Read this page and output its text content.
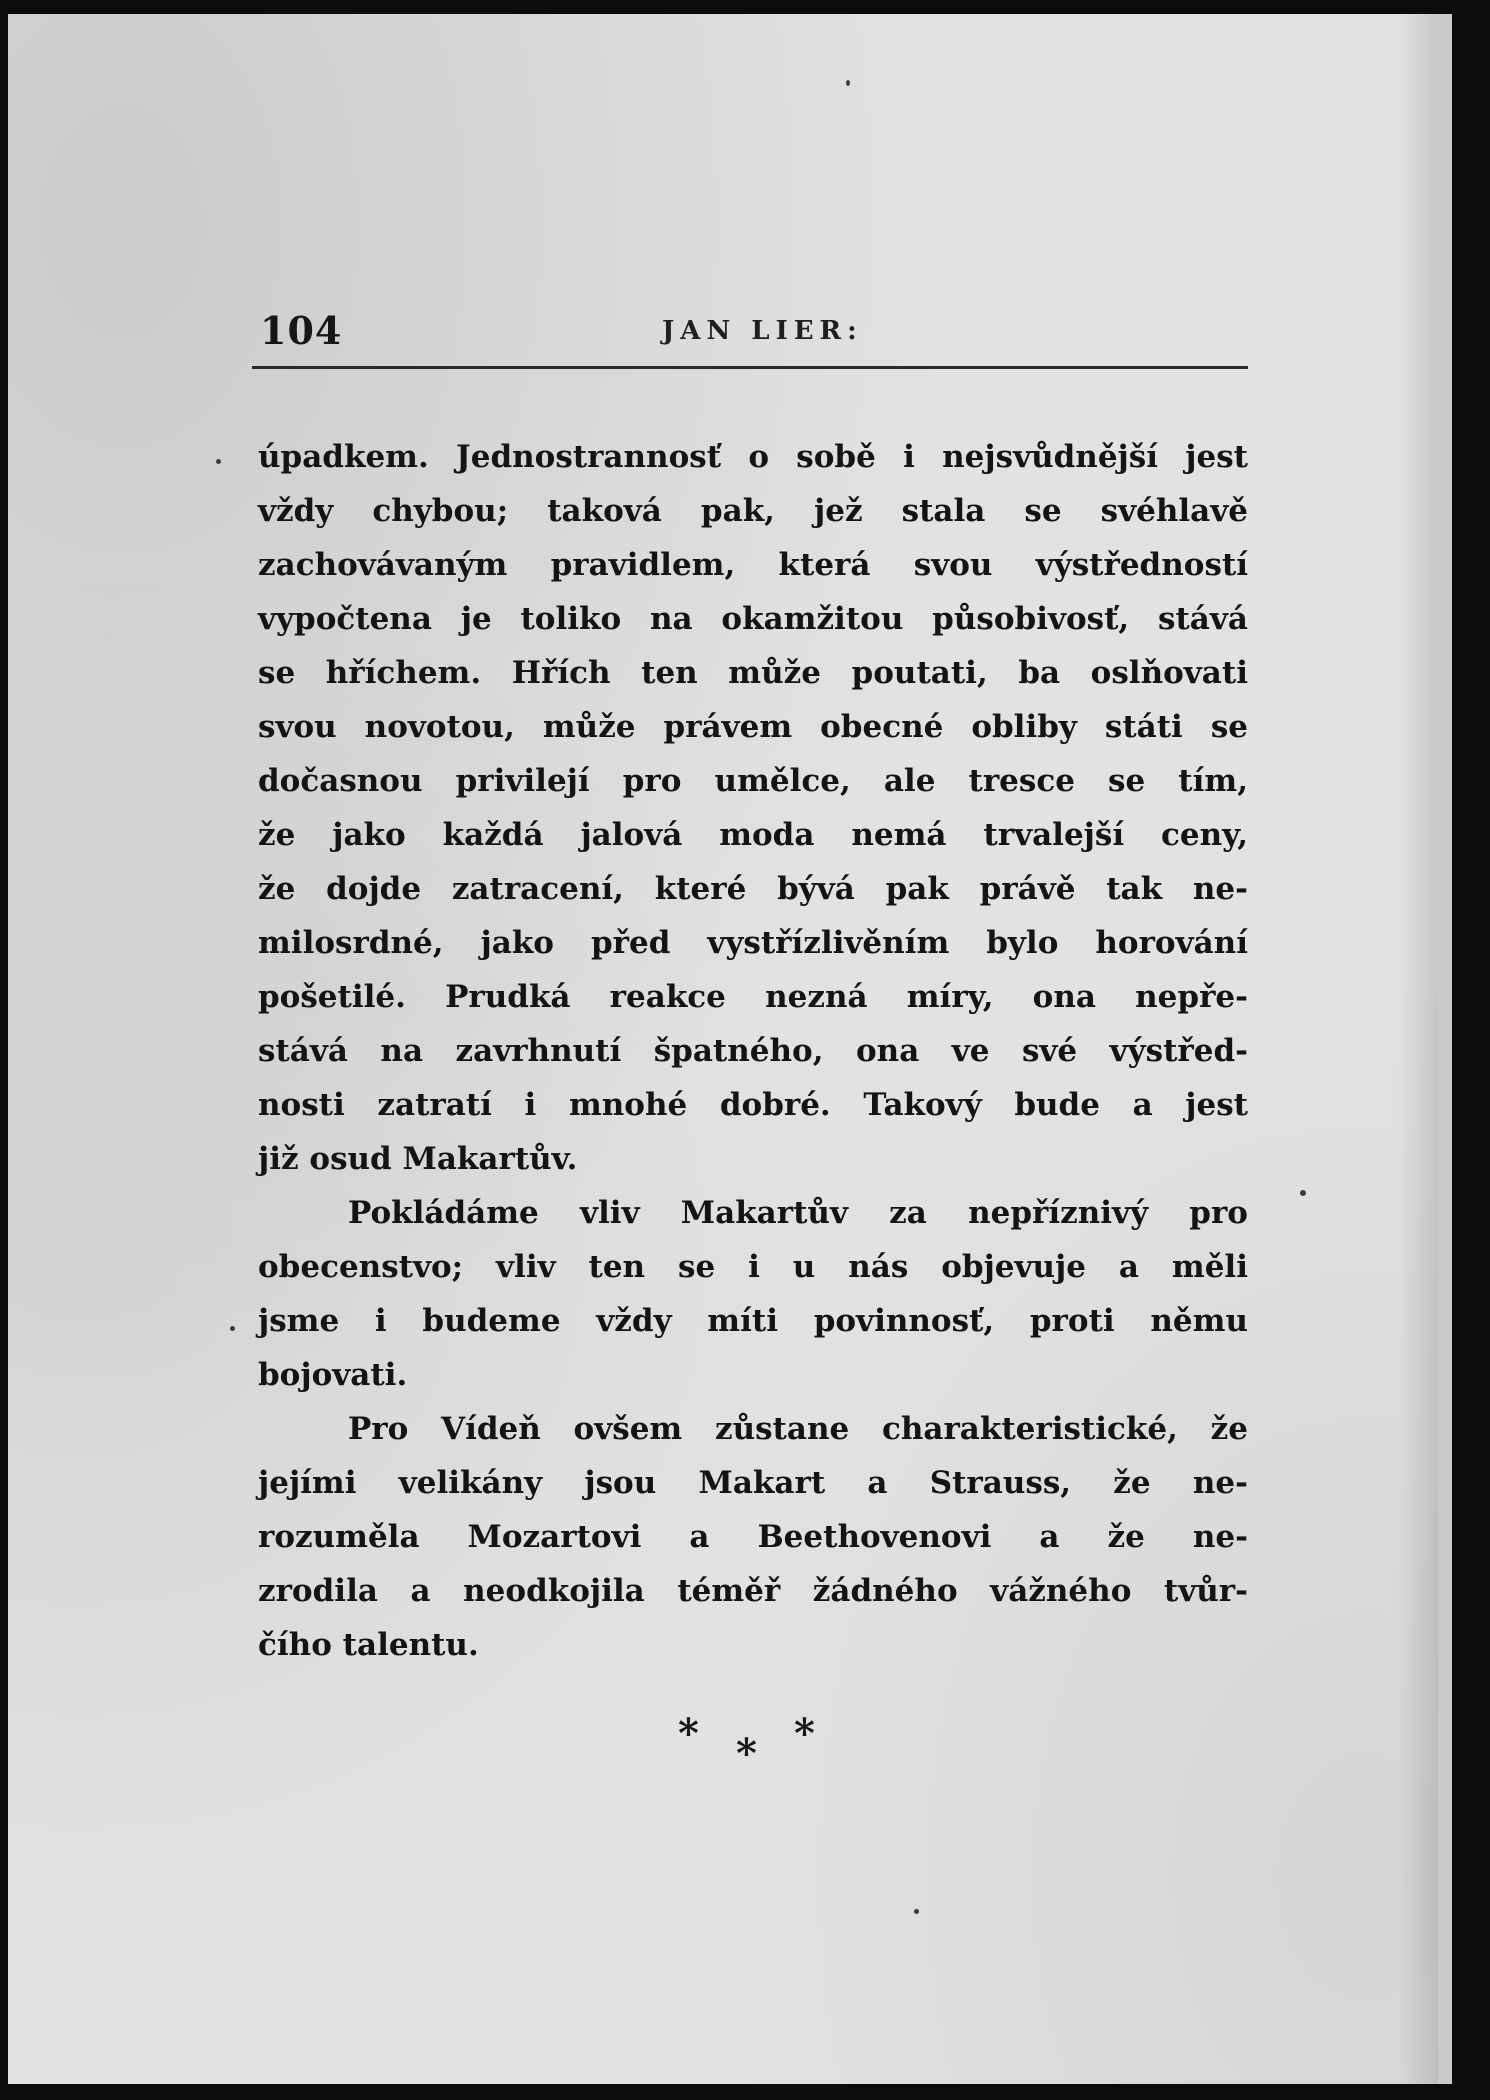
104	JAN LIER:

úpadkem. Jednostrannosť o sobě i nejsvůdnější jest
vždy chybou; taková pak, jež stala se svéhlavě
zachovávaným pravidlem, která svou výstředností
vypočtena je toliko na okamžitou působivosť, stává
se hříchem. Hřích ten může poutati, ba oslňovati
svou novotou, může právem obecné obliby státi se
dočasnou privilejí pro umělce, ale tresce se tím,
že jako každá jalová moda nemá trvalejší ceny,
že dojde zatracení, které bývá pak právě tak ne-
milosrdné, jako před vystřízlivěním bylo horování
pošetilé. Prudká reakce nezná míry, ona nepře-
stává na zavrhnutí špatného, ona ve své výstřed-
nosti zatratí i mnohé dobré. Takový bude a jest
již osud Makartův.

Pokládáme vliv Makartův za nepříznivý pro
obecenstvo; vliv ten se i u nás objevuje a měli
jsme i budeme vždy míti povinnosť, proti němu
bojovati.

Pro Vídeň ovšem zůstane charakteristické, že
jejími velikány jsou Makart a Strauss, že ne-
rozuměla Mozartovi a Beethovenovi a že ne-
zrodila a neodkojila téměř žádného vážného tvůr-
čího talentu.

* * *
